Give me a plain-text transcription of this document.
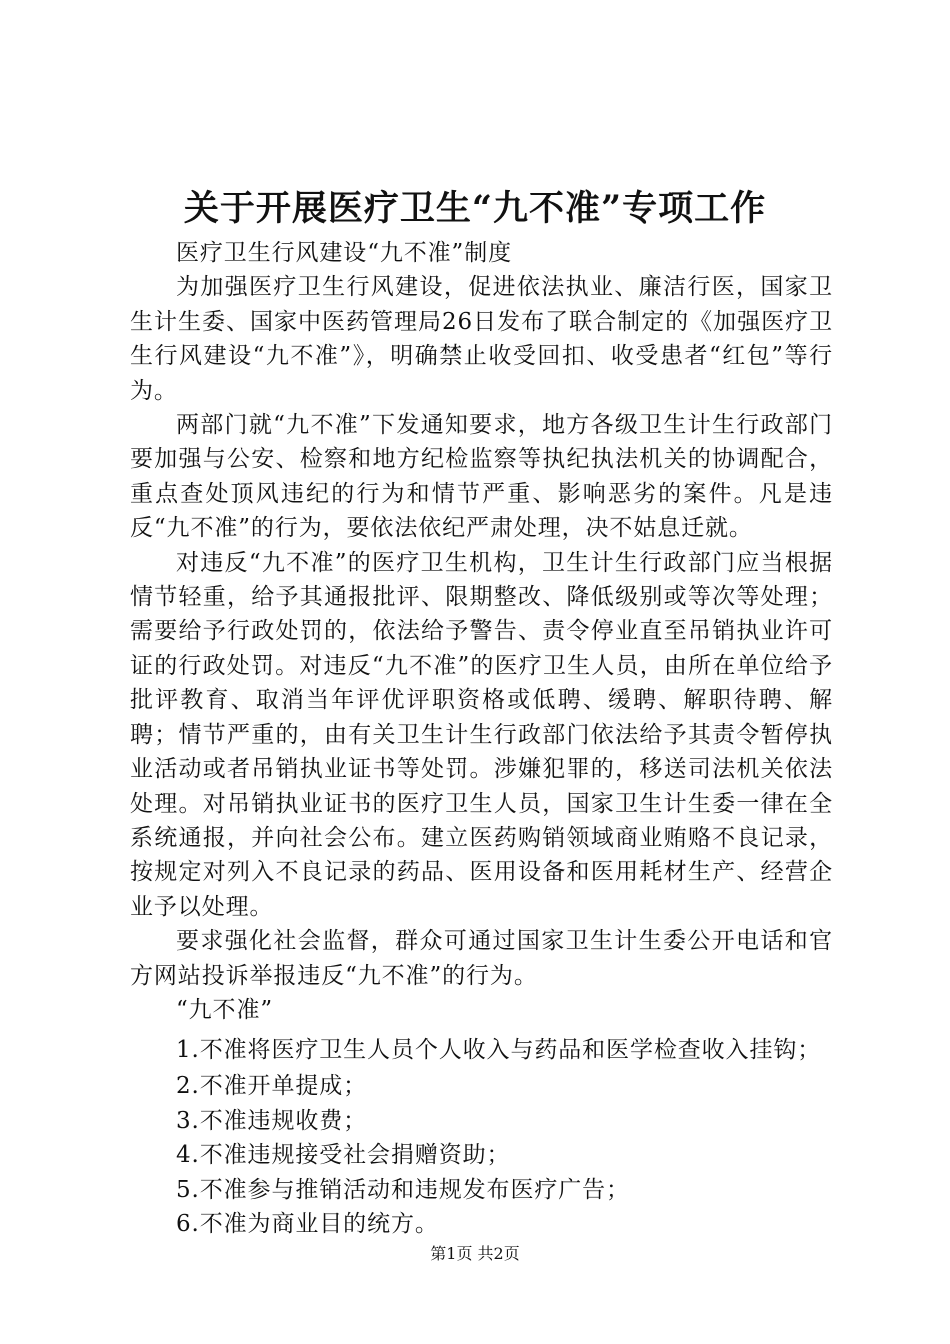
关于开展医疗卫生“九不准”专项工作

医疗卫生行风建设“九不准”制度

为加强医疗卫生行风建设，促进依法执业、廉洁行医，国家卫生计生委、国家中医药管理局26日发布了联合制定的《加强医疗卫生行风建设“九不准”》，明确禁止收受回扣、收受患者“红包”等行为。

两部门就“九不准”下发通知要求，地方各级卫生计生行政部门要加强与公安、检察和地方纪检监察等执纪执法机关的协调配合，重点查处顶风违纪的行为和情节严重、影响恶劣的案件。凡是违反“九不准”的行为，要依法依纪严肃处理，决不姑息迁就。

对违反“九不准”的医疗卫生机构，卫生计生行政部门应当根据情节轻重，给予其通报批评、限期整改、降低级别或等次等处理；需要给予行政处罚的，依法给予警告、责令停业直至吊销执业许可证的行政处罚。对违反“九不准”的医疗卫生人员，由所在单位给予批评教育、取消当年评优评职资格或低聘、缓聘、解职待聘、解聘；情节严重的，由有关卫生计生行政部门依法给予其责令暂停执业活动或者吊销执业证书等处罚。涉嫌犯罪的，移送司法机关依法处理。对吊销执业证书的医疗卫生人员，国家卫生计生委一律在全系统通报，并向社会公布。建立医药购销领域商业贿赂不良记录，按规定对列入不良记录的药品、医用设备和医用耗材生产、经营企业予以处理。

要求强化社会监督，群众可通过国家卫生计生委公开电话和官方网站投诉举报违反“九不准”的行为。

“九不准”

1.不准将医疗卫生人员个人收入与药品和医学检查收入挂钩；

2.不准开单提成；

3.不准违规收费；

4.不准违规接受社会捐赠资助；

5.不准参与推销活动和违规发布医疗广告；

6.不准为商业目的统方。

第1页 共2页
